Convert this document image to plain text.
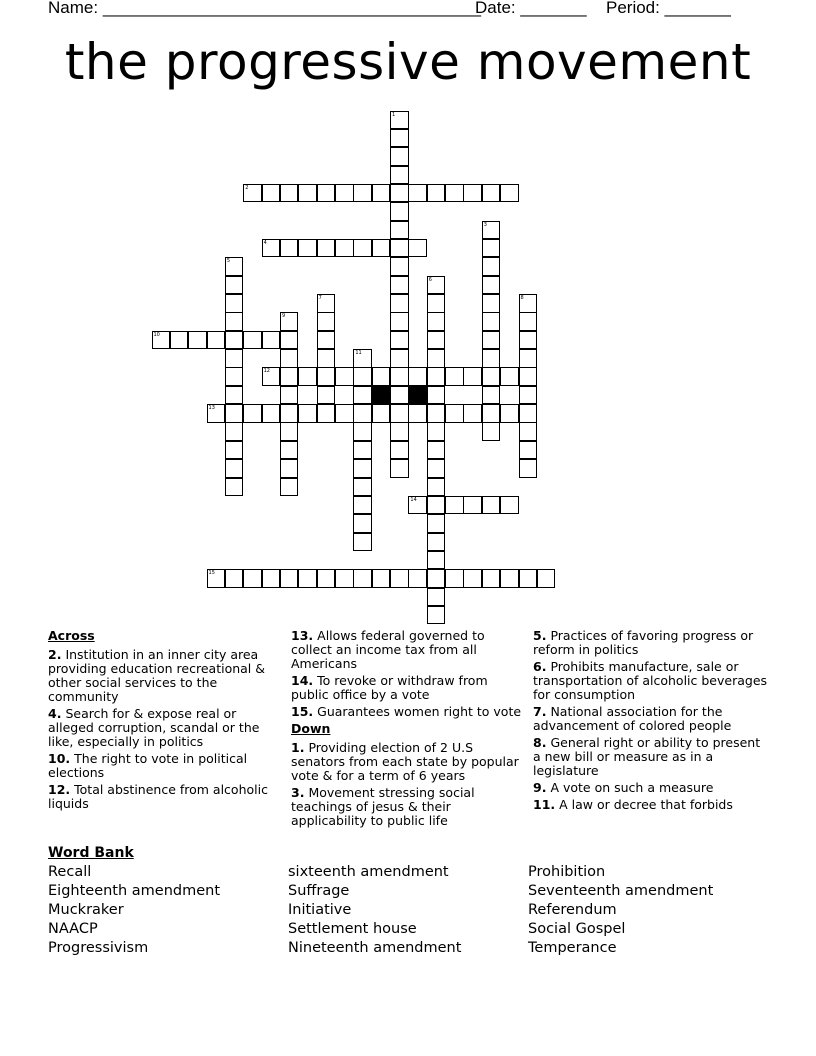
Name: ________________________________________
Date: _______ Period: _______
the progressive movement
1
2
3
4
5
6
7	8
9
10
11
12
13
14
15
Across
2. Institution in an inner city area providing education recreational & other social services to the community
4. Search for & expose real or alleged corruption, scandal or the like, especially in politics
10. The right to vote in political elections
12. Total abstinence from alcoholic liquids
13. Allows federal governed to collect an income tax from all Americans
14. To revoke or withdraw from public office by a vote
15. Guarantees women right to vote
Down
1. Providing election of 2 U.S senators from each state by popular vote & for a term of 6 years
3. Movement stressing social teachings of jesus & their applicability to public life
5. Practices of favoring progress or reform in politics
6. Prohibits manufacture, sale or transportation of alcoholic beverages for consumption
7. National association for the advancement of colored people
8. General right or ability to present a new bill or measure as in a legislature
9. A vote on such a measure
11. A law or decree that forbids
Word Bank
Recall
Eighteenth amendment
Muckraker
NAACP
Progressivism
sixteenth amendment
Suffrage
Initiative
Settlement house
Nineteenth amendment
Prohibition
Seventeenth amendment
Referendum
Social Gospel
Temperance
